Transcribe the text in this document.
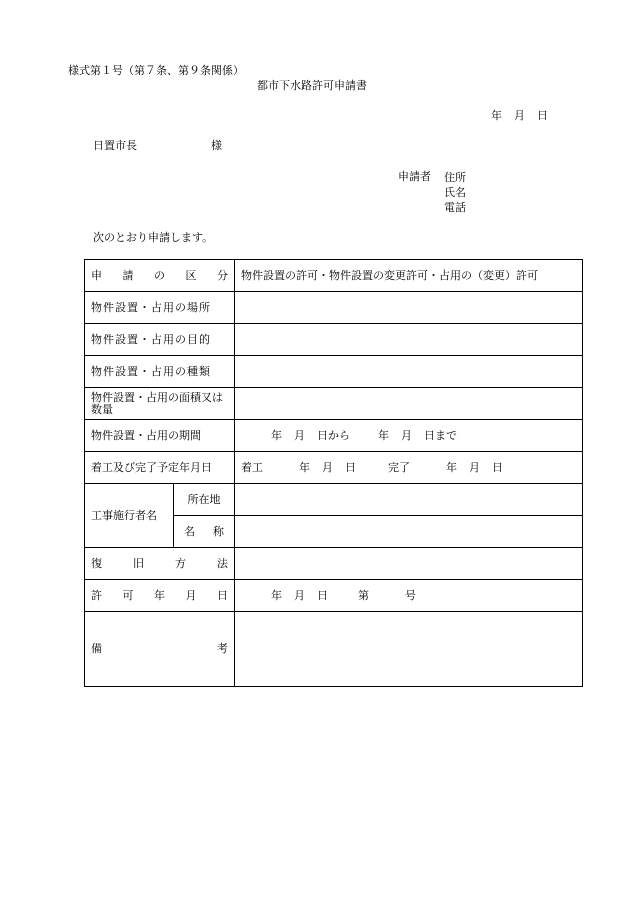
様式第１号（第７条、第９条関係）
都市下水路許可申請書
年 月 日
日置市長	様
申請者 住所
氏名
電話
次のとおり申請します。
申 請 の 区 分		物件設置の許可・物件設置の変更許可・占用の（変更）許可
物件設置・占用の場所		
物件設置・占用の目的		
物件設置・占用の種類		
物件設置・占用の面積又は数量		
物件設置・占用の期間		年 月 日から 年 月 日まで
着工及び完了予定年月日		着工 年 月 日 完了 年 月 日
工事施行者名	所在地	

	名 称	

復 旧 方 法		

許 可 年 月 日		年 月 日 第 号

備 考		
